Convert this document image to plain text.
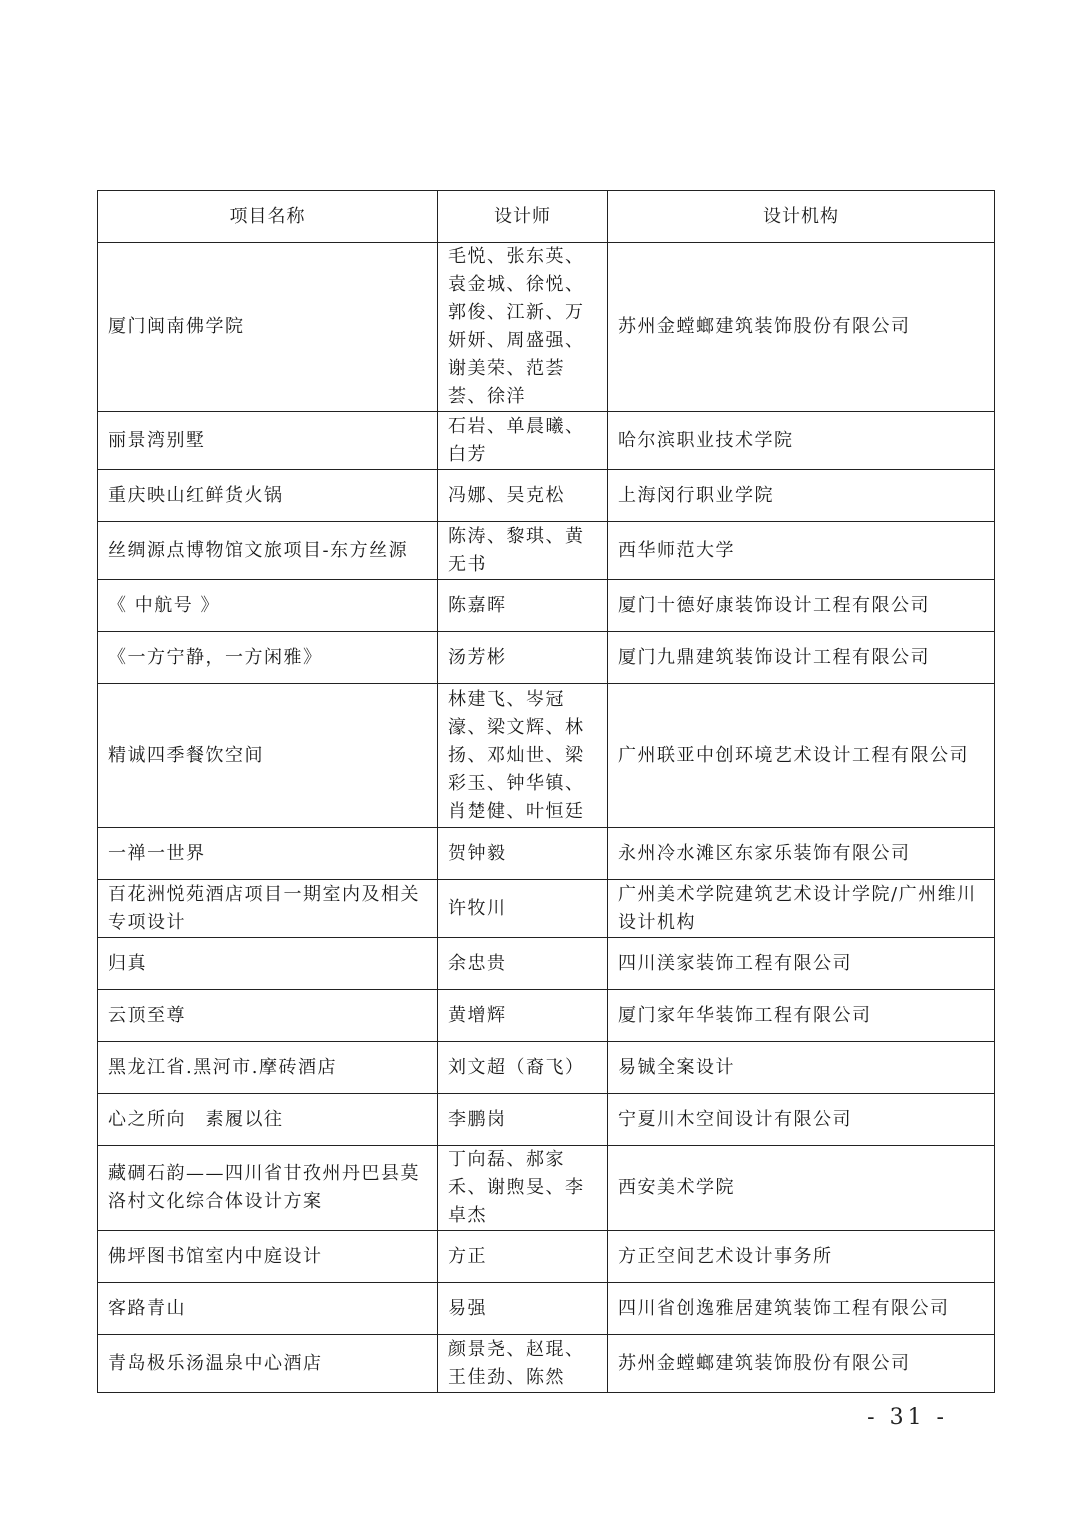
项目名称	设计师	设计机构
厦门闽南佛学院	毛悦、张东英、袁金城、徐悦、郭俊、江新、万妍妍、周盛强、谢美荣、范荟荟、徐洋	苏州金螳螂建筑装饰股份有限公司
丽景湾别墅	石岩、单晨曦、白芳	哈尔滨职业技术学院
重庆映山红鲜货火锅	冯娜、吴克松	上海闵行职业学院
丝绸源点博物馆文旅项目-东方丝源	陈涛、黎琪、黄无书	西华师范大学
《 中航号 》	陈嘉晖	厦门十德好康装饰设计工程有限公司
《一方宁静，一方闲雅》	汤芳彬	厦门九鼎建筑装饰设计工程有限公司
精诚四季餐饮空间	林建飞、岑冠濠、梁文辉、林扬、邓灿世、梁彩玉、钟华镇、肖楚健、叶恒廷	广州联亚中创环境艺术设计工程有限公司
一禅一世界	贺钟毅	永州冷水滩区东家乐装饰有限公司
百花洲悦苑酒店项目一期室内及相关专项设计	许牧川	广州美术学院建筑艺术设计学院/广州维川设计机构
归真	余忠贵	四川渼家装饰工程有限公司
云顶至尊	黄增辉	厦门家年华装饰工程有限公司
黑龙江省.黑河市.摩砖酒店	刘文超（裔飞）	易铖全案设计
心之所向　素履以往	李鹏岗	宁夏川木空间设计有限公司
藏碉石韵——四川省甘孜州丹巴县莫洛村文化综合体设计方案	丁向磊、郝家禾、谢煦旻、李卓杰	西安美术学院
佛坪图书馆室内中庭设计	方正	方正空间艺术设计事务所
客路青山	易强	四川省创逸雅居建筑装饰工程有限公司
青岛极乐汤温泉中心酒店	颜景尧、赵琨、王佳劲、陈然	苏州金螳螂建筑装饰股份有限公司
- 31 -
